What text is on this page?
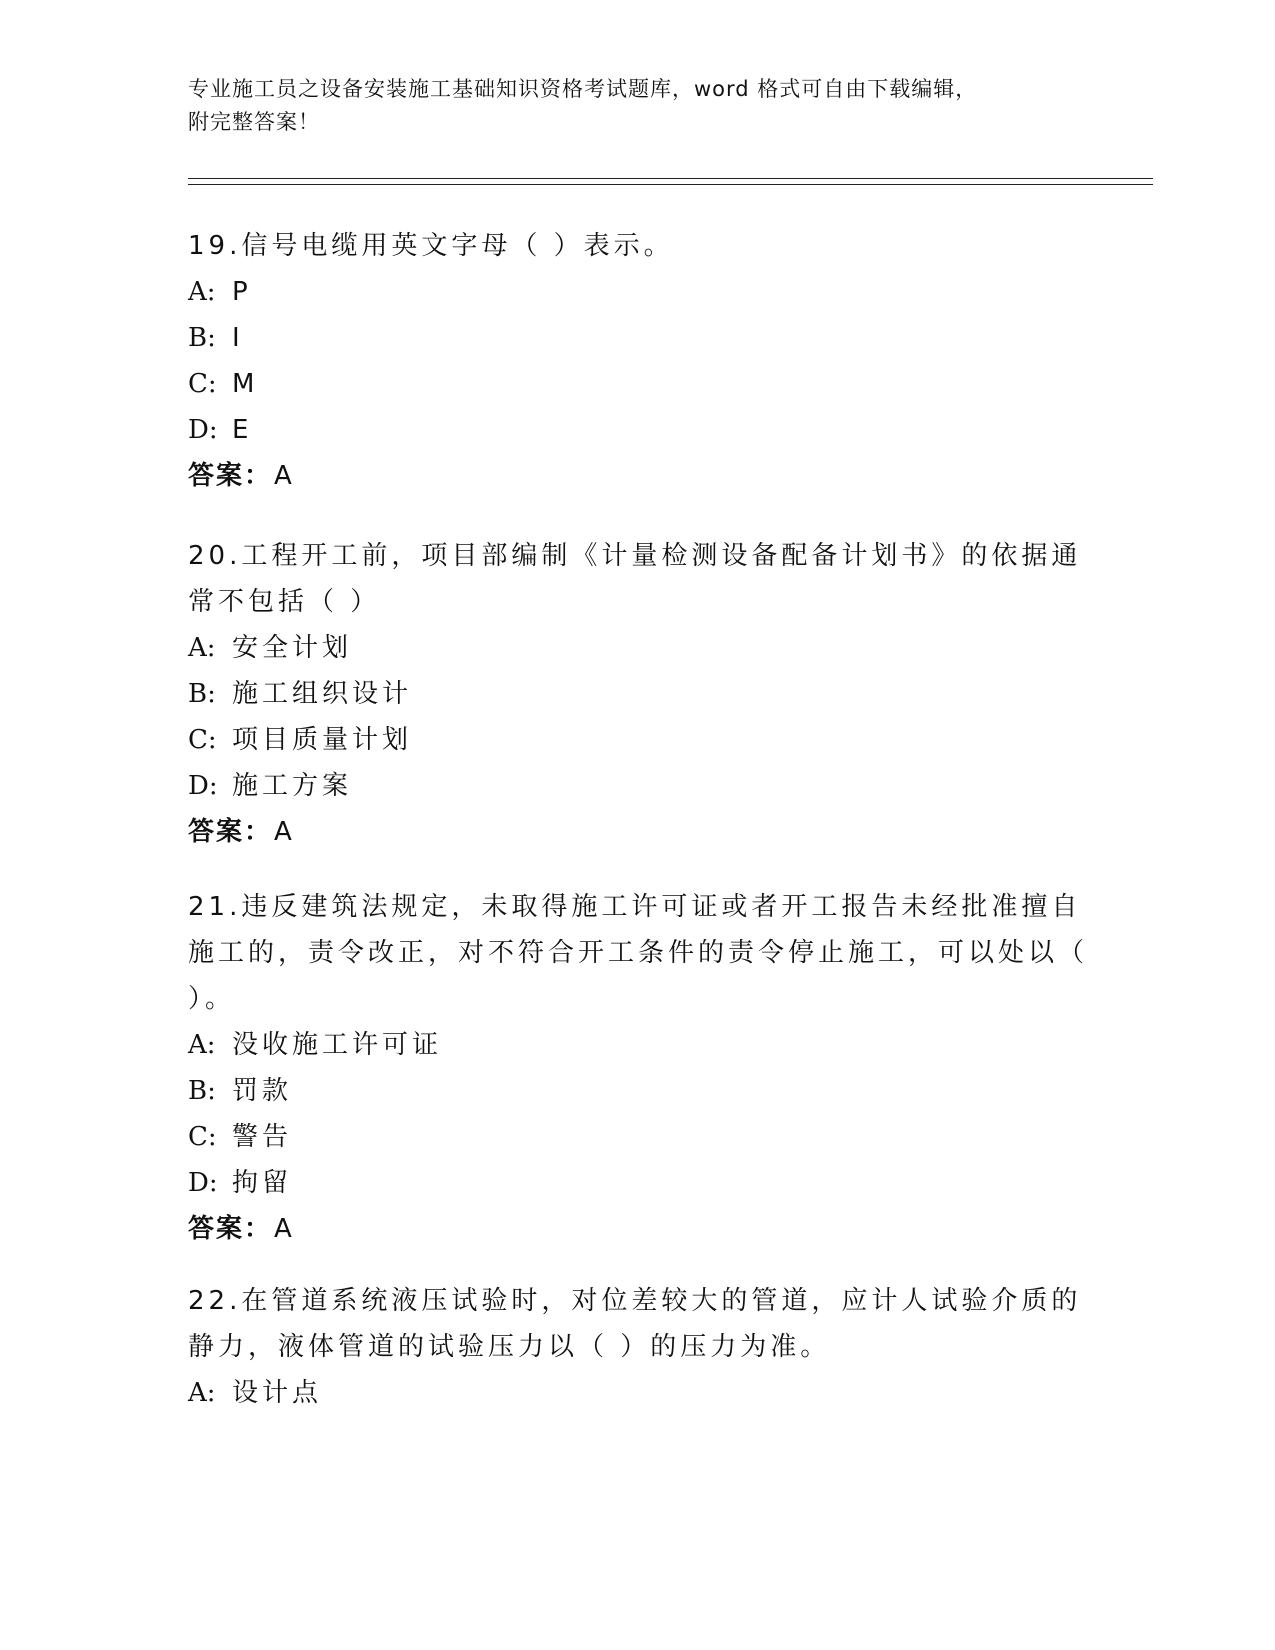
专业施工员之设备安装施工基础知识资格考试题库，word 格式可自由下载编辑，
附完整答案！
19.信号电缆用英文字母（ ）表示。
A: P
B: I
C: M
D: E
答案：A
20.工程开工前，项目部编制《计量检测设备配备计划书》的依据通常不包括（ ）
A: 安全计划
B: 施工组织设计
C: 项目质量计划
D: 施工方案
答案：A
21.违反建筑法规定，未取得施工许可证或者开工报告未经批准擅自施工的，责令改正，对不符合开工条件的责令停止施工，可以处以（ ）。
A: 没收施工许可证
B: 罚款
C: 警告
D: 拘留
答案：A
22.在管道系统液压试验时，对位差较大的管道，应计人试验介质的静力，液体管道的试验压力以（ ）的压力为准。
A: 设计点
